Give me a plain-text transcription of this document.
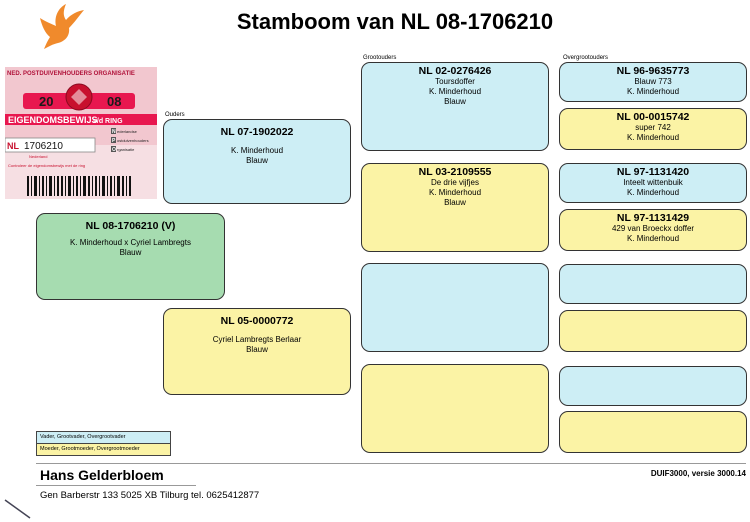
Stamboom van NL 08-1706210
NED. POSTDUIVENHOUDERS ORGANISATIE
20	08
EIGENDOMSBEWIJS
v/d RING
NL 1706210
Nederland
N ederlandse
P ostduivenhouders
O rganisatie
Controleer de eigendomsbewijs met de ring
Ouders
Grootouders	Overgrootouders
NL 08-1706210 (V)
K. Minderhoud x Cyriel Lambregts
Blauw
NL 07-1902022
K. Minderhoud
Blauw
NL 05-0000772
Cyriel Lambregts Berlaar
Blauw
NL 02-0276426
Toursdoffer
K. Minderhoud
Blauw
NL 03-2109555
De drie vijfjes
K. Minderhoud
Blauw
NL 96-9635773
Blauw 773
K. Minderhoud
NL 00-0015742
super 742
K. Minderhoud
NL 97-1131420
Inteelt wittenbuik
K. Minderhoud
NL 97-1131429
429 van Broeckx doffer
K. Minderhoud
Vader, Grootvader, Overgrootvader
Moeder, Grootmoeder, Overgrootmoeder
Hans Gelderbloem	DUIF3000, versie 3000.14
Gen Barberstr 133 5025 XB Tilburg tel. 0625412877
